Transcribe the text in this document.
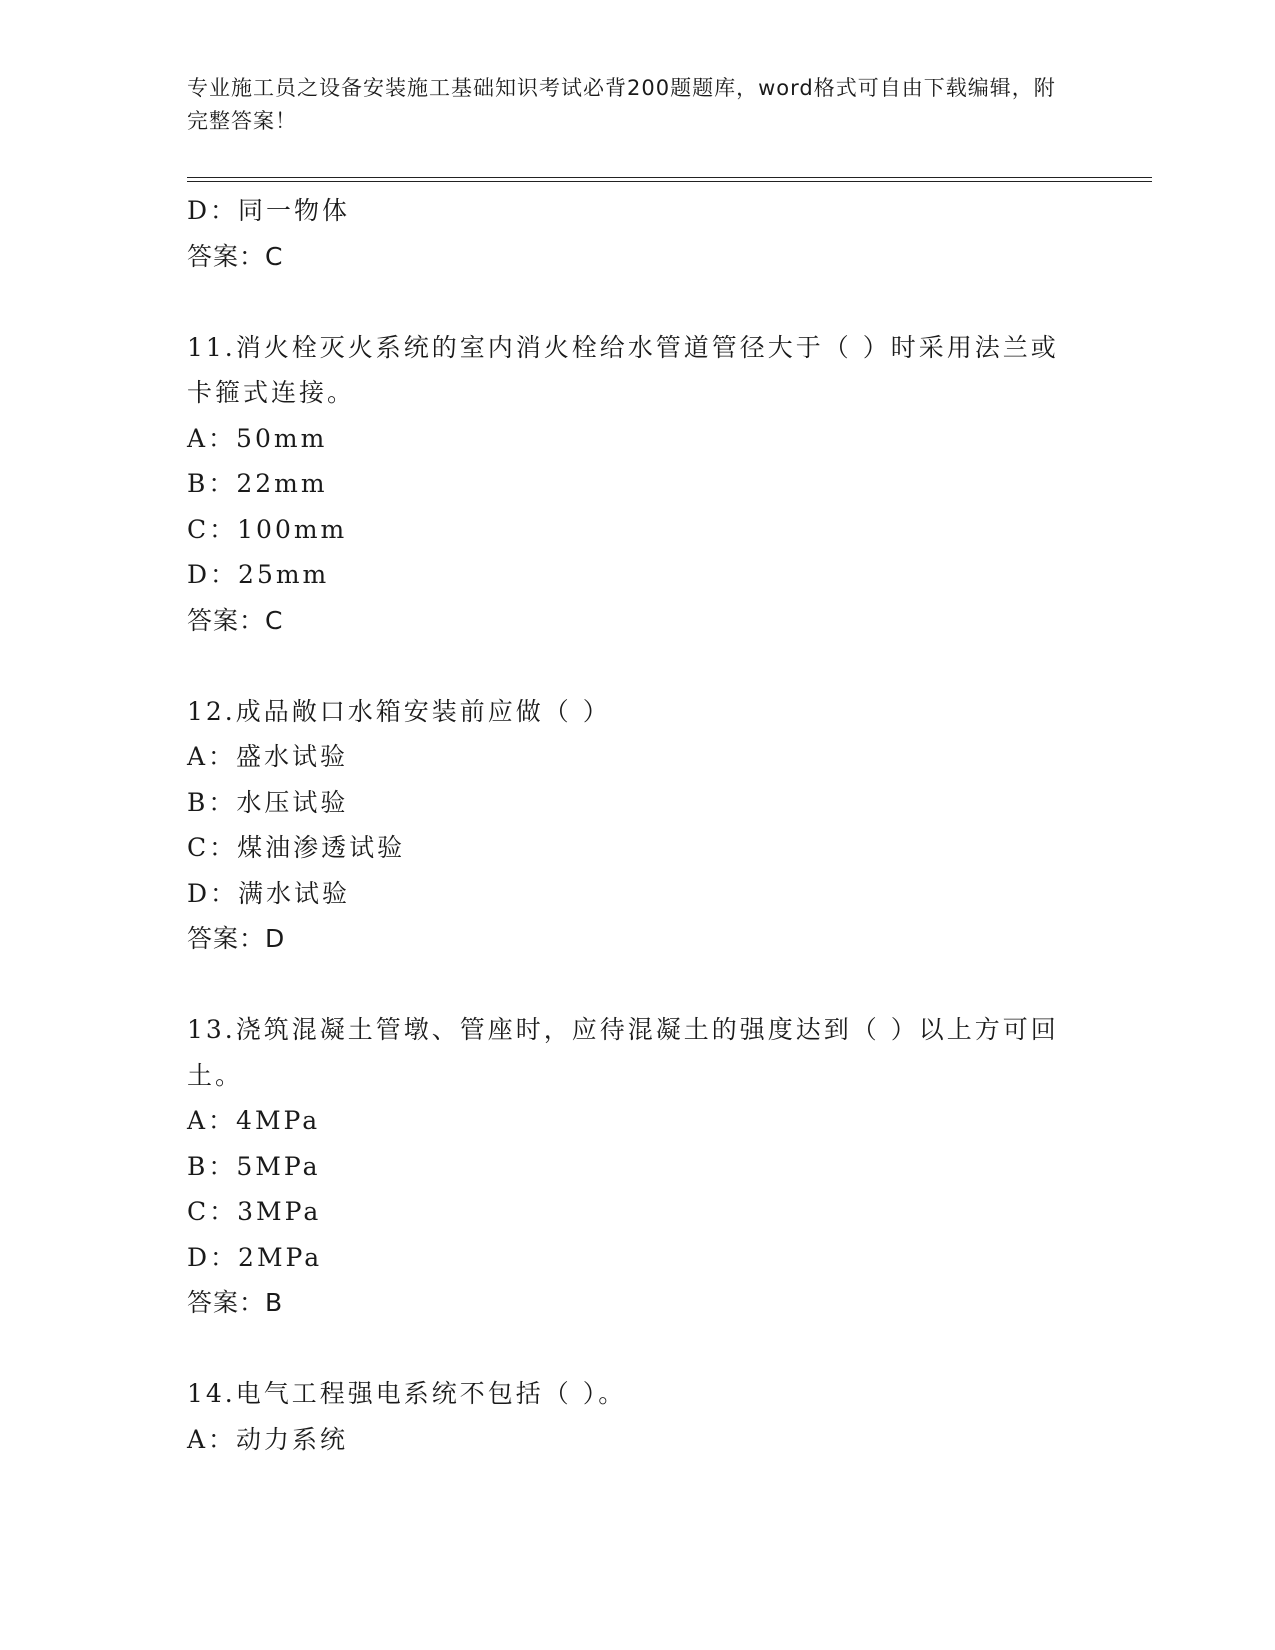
专业施工员之设备安装施工基础知识考试必背200题题库，word格式可自由下载编辑，附完整答案！
D：同一物体
答案：C
11.消火栓灭火系统的室内消火栓给水管道管径大于（ ）时采用法兰或卡箍式连接。
A：50mm
B：22mm
C：100mm
D：25mm
答案：C
12.成品敞口水箱安装前应做（ ）
A：盛水试验
B：水压试验
C：煤油渗透试验
D：满水试验
答案：D
13.浇筑混凝土管墩、管座时，应待混凝土的强度达到（ ）以上方可回土。
A：4MPa
B：5MPa
C：3MPa
D：2MPa
答案：B
14.电气工程强电系统不包括（ ）。
A：动力系统
